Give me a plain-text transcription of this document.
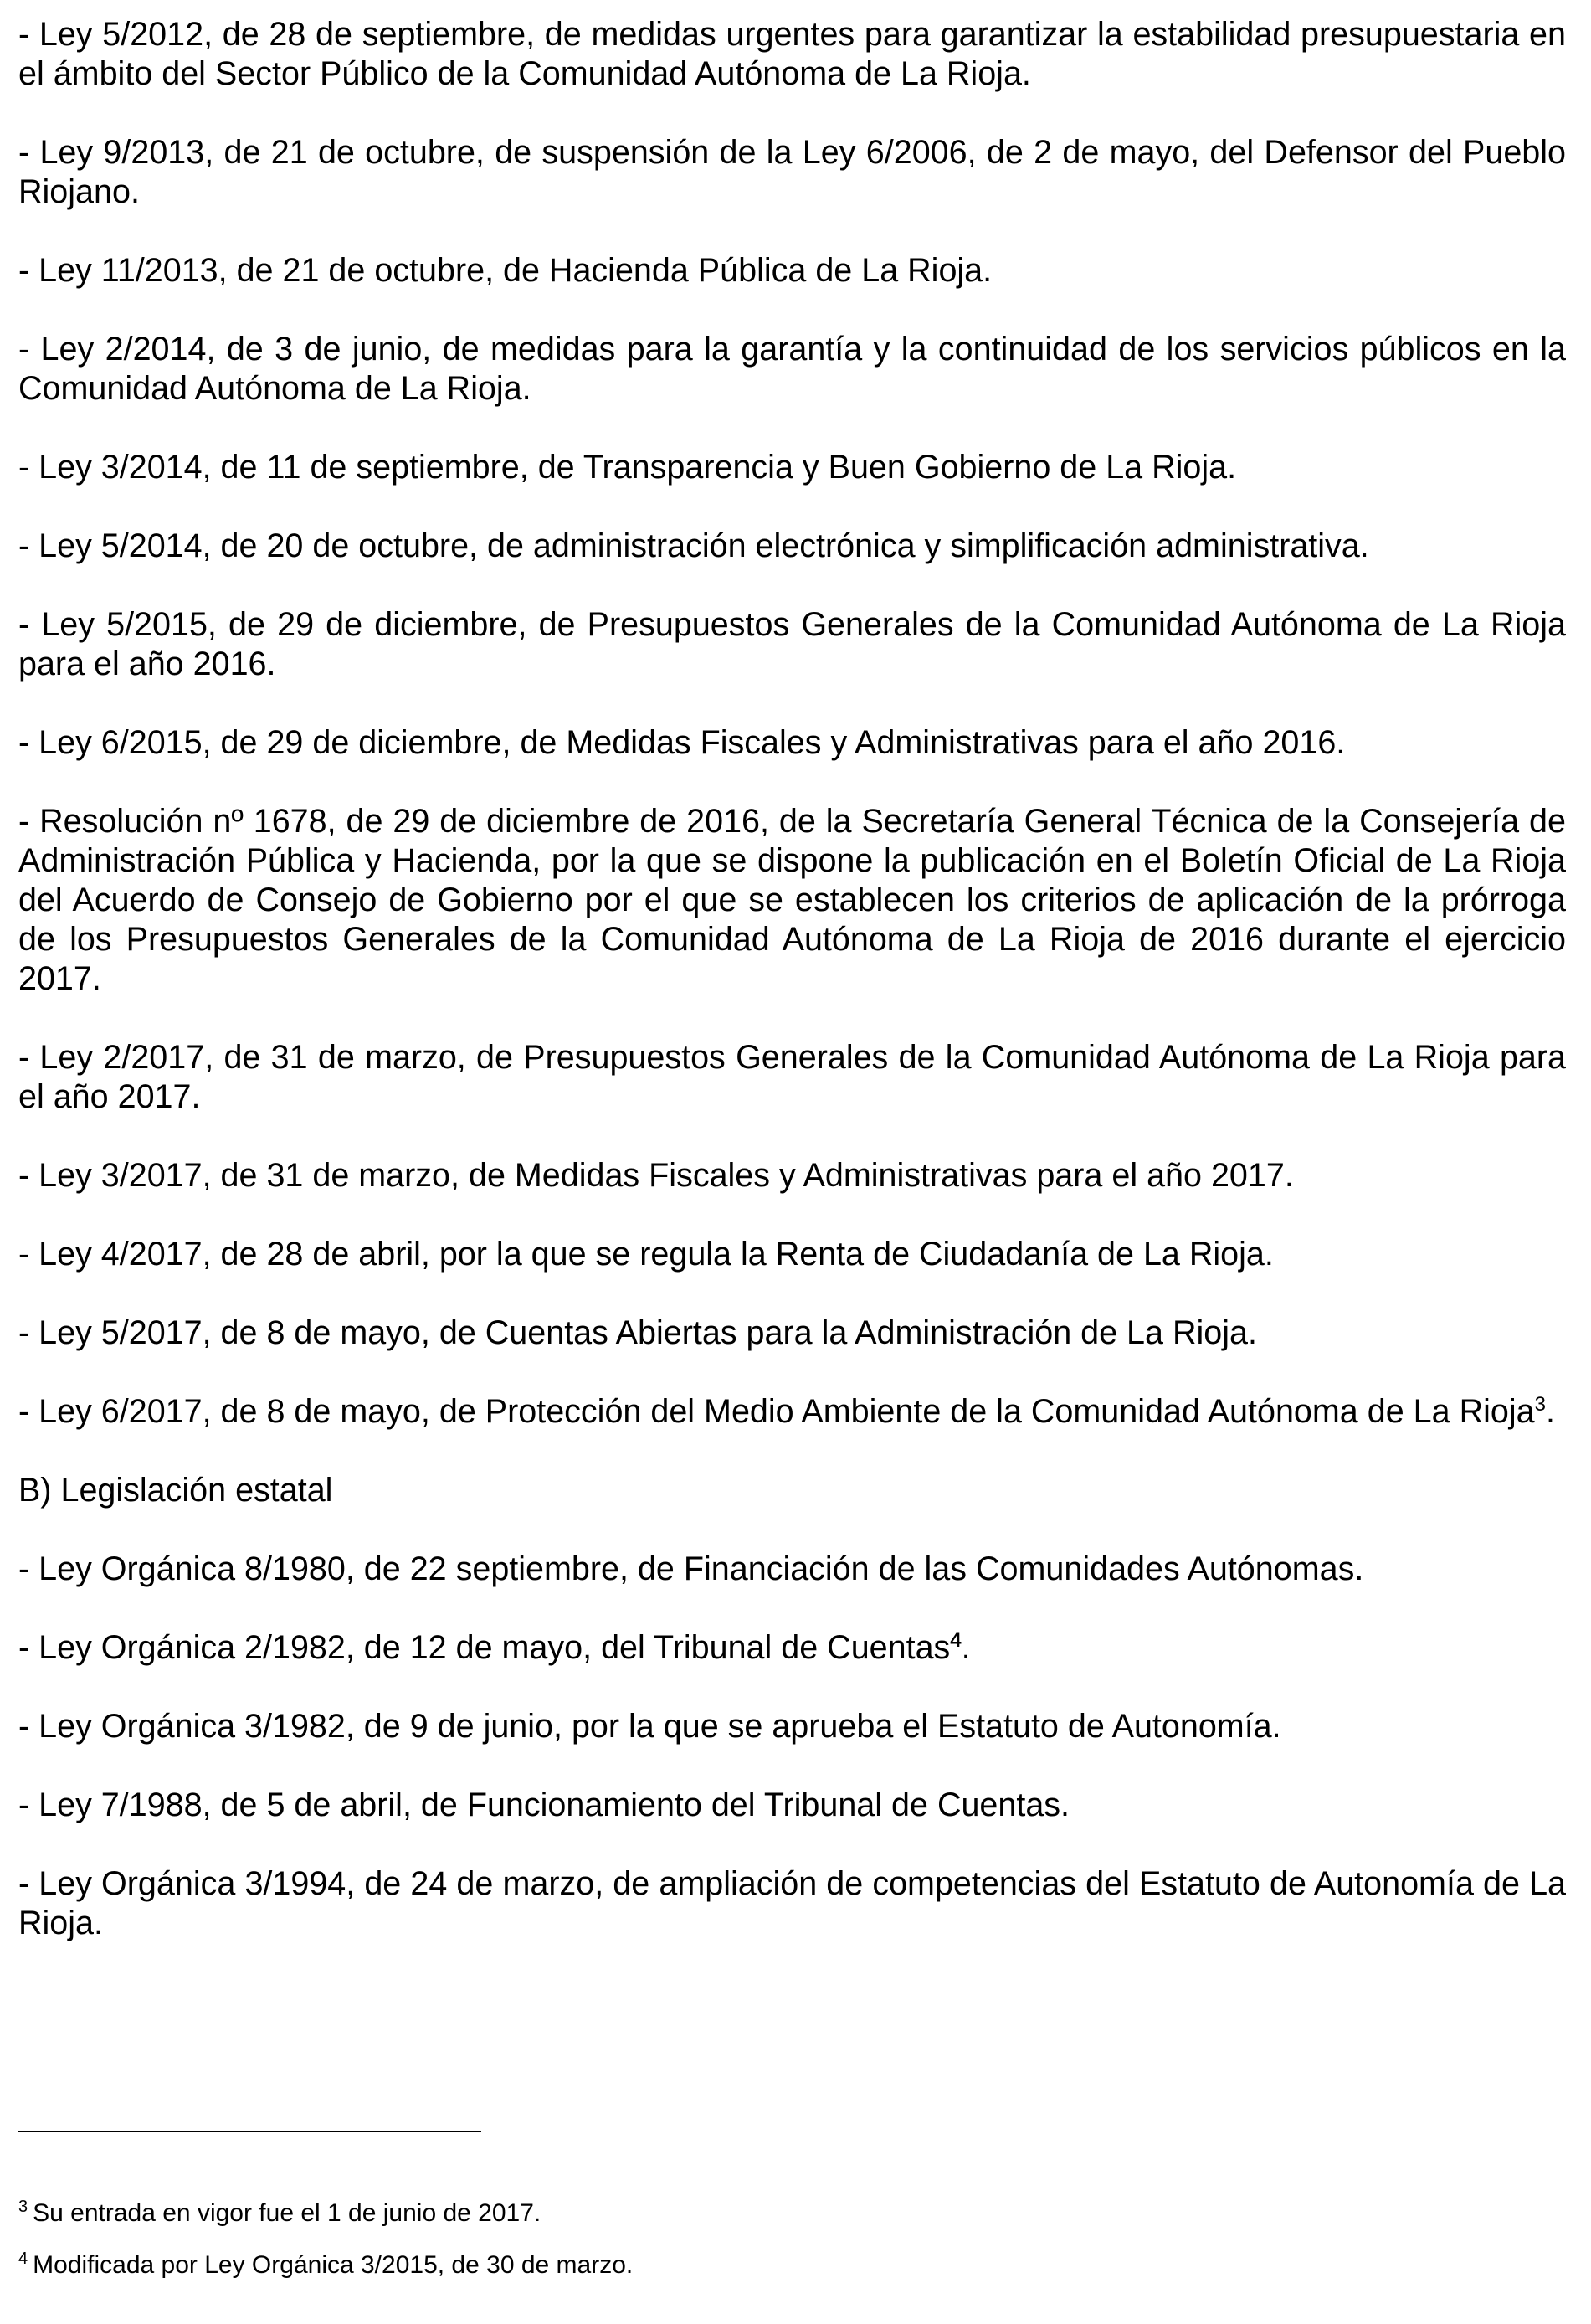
- Ley 5/2012, de 28 de septiembre, de medidas urgentes para garantizar la estabilidad presupuestaria en el ámbito del Sector Público de la Comunidad Autónoma de La Rioja.

- Ley 9/2013, de 21 de octubre, de suspensión de la Ley 6/2006, de 2 de mayo, del Defensor del Pueblo Riojano.

- Ley 11/2013, de 21 de octubre, de Hacienda Pública de La Rioja.

- Ley 2/2014, de 3 de junio, de medidas para la garantía y la continuidad de los servicios públicos en la Comunidad Autónoma de La Rioja.

- Ley 3/2014, de 11 de septiembre, de Transparencia y Buen Gobierno de La Rioja.

- Ley 5/2014, de 20 de octubre, de administración electrónica y simplificación administrativa.

- Ley 5/2015, de 29 de diciembre, de Presupuestos Generales de la Comunidad Autónoma de La Rioja para el año 2016.

- Ley 6/2015, de 29 de diciembre, de Medidas Fiscales y Administrativas para el año 2016.

- Resolución nº 1678, de 29 de diciembre de 2016, de la Secretaría General Técnica de la Consejería de Administración Pública y Hacienda, por la que se dispone la publicación en el Boletín Oficial de La Rioja del Acuerdo de Consejo de Gobierno por el que se establecen los criterios de aplicación de la prórroga de los Presupuestos Generales de la Comunidad Autónoma de La Rioja de 2016 durante el ejercicio 2017.

- Ley 2/2017, de 31 de marzo, de Presupuestos Generales de la Comunidad Autónoma de La Rioja para el año 2017.

- Ley 3/2017, de 31 de marzo, de Medidas Fiscales y Administrativas para el año 2017.

- Ley 4/2017, de 28 de abril, por la que se regula la Renta de Ciudadanía de La Rioja.

- Ley 5/2017, de 8 de mayo, de Cuentas Abiertas para la Administración de La Rioja.

- Ley 6/2017, de 8 de mayo, de Protección del Medio Ambiente de la Comunidad Autónoma de La Rioja$^3$.

B) Legislación estatal

- Ley Orgánica 8/1980, de 22 septiembre, de Financiación de las Comunidades Autónomas.

- Ley Orgánica 2/1982, de 12 de mayo, del Tribunal de Cuentas$^4$.

- Ley Orgánica 3/1982, de 9 de junio, por la que se aprueba el Estatuto de Autonomía.

- Ley 7/1988, de 5 de abril, de Funcionamiento del Tribunal de Cuentas.

- Ley Orgánica 3/1994, de 24 de marzo, de ampliación de competencias del Estatuto de Autonomía de La Rioja.

$^3$ Su entrada en vigor fue el 1 de junio de 2017.

$^4$ Modificada por Ley Orgánica 3/2015, de 30 de marzo.
